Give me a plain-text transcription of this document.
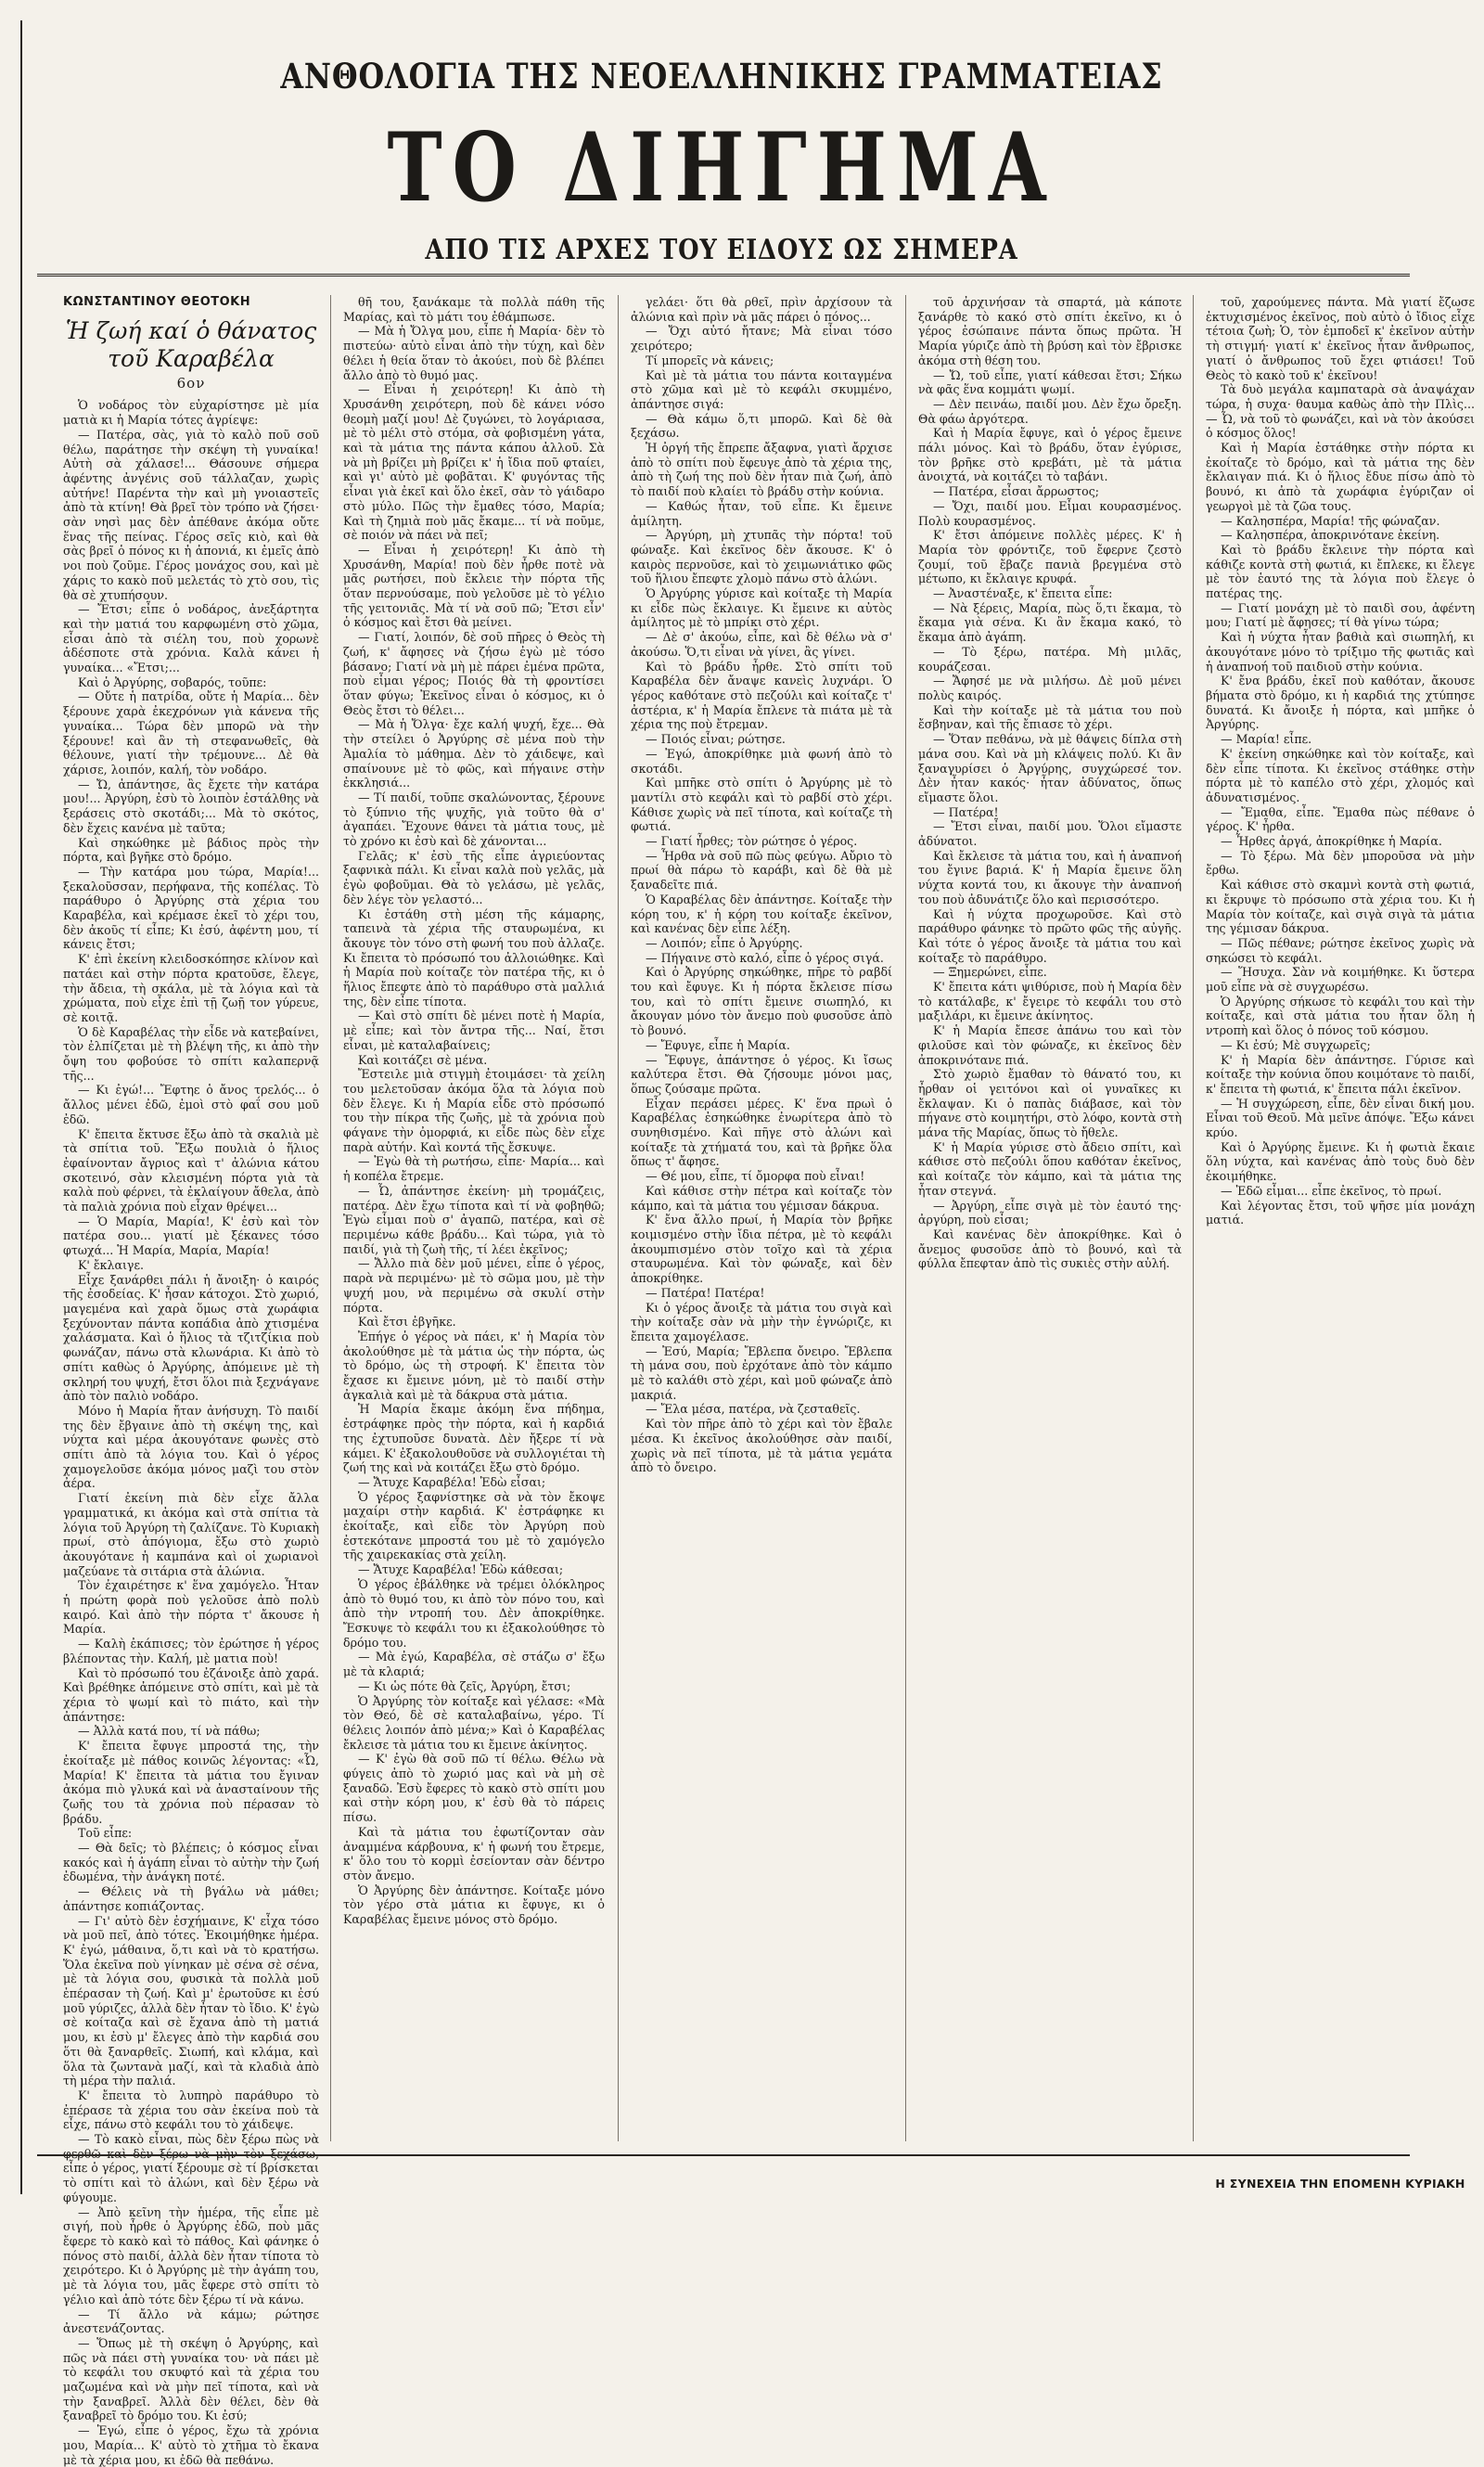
ΑΝΘΟΛΟΓΙΑ ΤΗΣ ΝΕΟΕΛΛΗΝΙΚΗΣ ΓΡΑΜΜΑΤΕΙΑΣ
ΤΟ ΔΙΗΓΗΜΑ
ΑΠΟ ΤΙΣ ΑΡΧΕΣ ΤΟΥ ΕΙΔΟΥΣ ΩΣ ΣΗΜΕΡΑ
ΚΩΝΣΤΑΝΤΙΝΟΥ ΘΕΟΤΟΚΗ
Ἡ ζωή καί ὁ θάνατος
τοῦ Καραβέλα
6ον

Ὁ νοδάρος τὸν εὐχαρίστησε μὲ μία ματιὰ κι ἡ Μαρία τότες ἀγρίεψε:

— Πατέρα, σὰς, γιὰ τὸ καλὸ ποῦ σοῦ θέλω, παράτησε τὴν σκέψη τὴ γυναίκα! Αὐτὴ σὰ χάλασε!... Θάσουνε σήμερα ἀφέντης ἀνγένις σοῦ τάλλαζαν, χωρὶς αὐτήνε! Παρέντα τὴν καὶ μὴ γνοιαστεῖς ἀπὸ τὰ κτίνη! Θὰ βρεῖ τὸν τρόπο νὰ ζήσει· σὰν νησὶ μας δὲν ἀπέθανε ἀκόμα οὔτε ἕνας τῆς πείνας. Γέρος σεῖς κιὸ, καὶ θὰ σὰς βρεῖ ὁ πόνος κι ἡ ἀπονιά, κι ἐμεῖς ἀπὸ νοι ποὺ ζοῦμε. Γέρος μονάχος σου, καὶ μὲ χάρις το κακὸ ποῦ μελετάς τὸ χτὸ σου, τὶς θὰ σὲ χτυπήσουν.

— Ἔτσι; εἶπε ὁ νοδάρος, ἀνεξάρτητα καὶ τὴν ματιά του καρφωμένη στὸ χῶμα, εἶσαι ἀπὸ τὰ σιέλη του, ποὺ χορωνὲ ἀδέσποτε στὰ χρόνια. Καλὰ κάνει ἡ γυναίκα... «Ἔτσι;...

Καὶ ὁ Ἀργύρης, σοβαρός, τοῦπε:

— Οὔτε ἡ πατρίδα, οὔτε ἡ Μαρία... δὲν ξέρουνε χαρὰ ἐκεχρόνων γιὰ κάνενα τῆς γυναίκα... Τώρα δὲν μπορῶ νὰ τὴν ξέρουνε! καὶ ἂν τὴ στεφανωθεῖς, θὰ θέλουνε, γιατί τὴν τρέμουνε... Δὲ θὰ χάρισε, λοιπόν, καλή, τὸν νοδάρο.

— Ὤ, ἀπάντησε, ἂς ἔχετε τὴν κατάρα μου!... Ἀργύρη, ἐσὺ τὸ λοιπὸν ἐστάλθης νὰ ξεράσεις στὸ σκοτάδι;... Μὰ τὸ σκότος, δὲν ἔχεις κανένα μὲ ταῦτα;

Καὶ σηκώθηκε μὲ βάδιος πρὸς τὴν πόρτα, καὶ βγῆκε στὸ δρόμο.

— Τὴν κατάρα μου τώρα, Μαρία!... ξεκαλοῦσσαν, περήφανα, τῆς κοπέλας. Τὸ παράθυρο ὁ Ἀργύρης στὰ χέρια του Καραβέλα, καὶ κρέμασε ἐκεῖ τὸ χέρι του, δὲν ἀκοῦς τί εἶπε; Κι ἐσύ, ἀφέντη μου, τί κάνεις ἔτσι;

Κ' ἐπὶ ἐκείνη κλειδοσκόπησε κλίνον καὶ πατάει καὶ στὴν πόρτα κρατοῦσε, ἔλεγε, τὴν ἄδεια, τὴ σκάλα, μὲ τὰ λόγια καὶ τὰ χρώματα, ποὺ εἶχε ἐπὶ τῇ ζωῇ τον γύρευε, σὲ κοιτᾷ.

Ὁ δὲ Καραβέλας τὴν εἶδε νὰ κατεβαίνει, τὸν ἐλπίζεται μὲ τὴ βλέψη τῆς, κι ἀπὸ τὴν ὄψη του φοβούσε τὸ σπίτι καλαπερνᾷ τῆς...

— Κι ἐγώ!... Ἔφτηε ὁ ἄνος τρελός... ὁ ἄλλος μένει ἐδῶ, ἐμοὶ στὸ φαΐ σου μοῦ ἐδῶ.

Κ' ἔπειτα ἔκτυσε ἔξω ἀπὸ τὰ σκαλιὰ μὲ τὰ σπίτια τοῦ. Ἔξω πουλιὰ ὁ ἥλιος ἐφαίνονταν ἄγριος καὶ τ' ἀλώνια κάτου σκοτεινό, σὰν κλεισμένη πόρτα γιὰ τὰ καλὰ ποὺ φέρνει, τὰ ἐκλαίγουν ἄθελα, ἀπὸ τὰ παλιὰ χρόνια ποὺ εἶχαν θρέψει...

— Ὁ Μαρία, Μαρία!, Κ' ἐσὺ καὶ τὸν πατέρα σου... γιατί μὲ ξέκανες τόσο φτωχά... Ἡ Μαρία, Μαρία, Μαρία!

Κ' ἔκλαιγε.

Εἶχε ξανάρθει πάλι ἡ ἄνοιξη· ὁ καιρός τῆς ἐσοδείας. Κ' ἦσαν κάτοχοι. Στὸ χωριό, μαγεμένα καὶ χαρὰ ὅμως στὰ χωράφια ξεχύνονταν πάντα κοπάδια ἀπὸ χτισμένα χαλάσματα. Καὶ ὁ ἥλιος τὰ τζιτζίκια ποὺ φωνάζαν, πάνω στὰ κλωνάρια. Κι ἀπὸ τὸ σπίτι καθὼς ὁ Ἀργύρης, ἀπόμεινε μὲ τὴ σκληρή του ψυχή, ἔτσι ὅλοι πιὰ ξεχνάγανε ἀπὸ τὸν παλιὸ νοδάρο.

Μόνο ἡ Μαρία ἤταν ἀνήσυχη. Τὸ παιδί της δὲν ἔβγαινε ἀπὸ τὴ σκέψη της, καὶ νύχτα καὶ μέρα ἀκουγότανε φωνὲς στὸ σπίτι ἀπὸ τὰ λόγια του. Καὶ ὁ γέρος χαμογελοῦσε ἀκόμα μόνος μαζὶ του στὸν ἀέρα.

Γιατί ἐκείνη πιὰ δὲν εἶχε ἄλλα γραμματικά, κι ἀκόμα καὶ στὰ σπίτια τὰ λόγια τοῦ Ἀργύρη τὴ ζαλίζανε. Τὸ Κυριακὴ πρωί, στὸ ἀπόγιομα, ἔξω στὸ χωριὸ ἀκουγότανε ἡ καμπάνα καὶ οἱ χωριανοὶ μαζεύανε τὰ σιτάρια στὰ ἁλώνια.

Τὸν ἐχαιρέτησε κ' ἕνα χαμόγελο. Ἦταν ἡ πρώτη φορὰ ποὺ γελοῦσε ἀπὸ πολὺ καιρό. Καὶ ἀπὸ τὴν πόρτα τ' ἄκουσε ἡ Μαρία.

— Καλὴ ἐκάπισες; τὸν ἐρώτησε ἡ γέρος βλέποντας τὴν. Καλή, μὲ ματια ποὺ!

Καὶ τὸ πρόσωπό του ἐζάνοιξε ἀπὸ χαρά. Καὶ βρέθηκε ἀπόμεινε στὸ σπίτι, καὶ μὲ τὰ χέρια τὸ ψωμί καὶ τὸ πιάτο, καὶ τὴν ἀπάντησε:

— Ἀλλὰ κατά που, τί νὰ πάθω;

Κ' ἔπειτα ἔφυγε μπροστά της, τὴν ἐκοίταξε μὲ πάθος κοινῶς λέγοντας: «Ὦ, Μαρία! Κ' ἔπειτα τὰ μάτια του ἔγιναν ἀκόμα πιὸ γλυκά καὶ νὰ ἀνασταίνουν τῆς ζωῆς του τὰ χρόνια ποὺ πέρασαν τὸ βράδυ.

Τοῦ εἶπε:

— Θὰ δεῖς; τὸ βλέπεις; ὁ κόσμος εἶναι κακός καὶ ἡ ἀγάπη εἶναι τὸ αὐτὴν τὴν ζωή ἐδωμένα, τὴν ἀνάγκη ποτέ.

— Θέλεις νὰ τὴ βγάλω νὰ μάθει; ἀπάντησε κοπιάζοντας.

— Γι' αὐτὸ δὲν ἐσχήμαινε, Κ' εἶχα τόσο νὰ μοῦ πεῖ, ἀπὸ τότες. Ἐκοιμήθηκε ἡμέρα. Κ' ἐγώ, μάθαινα, ὅ,τι καὶ νὰ τὸ κρατήσω. Ὅλα ἐκεῖνα ποὺ γίνηκαν μὲ σένα σὲ σένα, μὲ τὰ λόγια σου, φυσικὰ τὰ πολλὰ μοῦ ἐπέρασαν τὴ ζωή. Καὶ μ' ἐρωτοῦσε κι ἐσύ μοῦ γύριζες, ἀλλὰ δὲν ἦταν τὸ ἴδιο. Κ' ἐγὼ σὲ κοίταζα καὶ σὲ ἔχανα ἀπὸ τὴ ματιά μου, κι ἐσὺ μ' ἔλεγες ἀπὸ τὴν καρδιά σου ὅτι θὰ ξαναρθεῖς. Σιωπή, καὶ κλάμα, καὶ ὅλα τὰ ζωντανὰ μαζί, καὶ τὰ κλαδιὰ ἀπὸ τὴ μέρα τὴν παλιά.

Κ' ἔπειτα τὸ λυπηρὸ παράθυρο τὸ ἐπέρασε τὰ χέρια του σὰν ἐκείνα ποὺ τὰ εἶχε, πάνω στὸ κεφάλι του τὸ χάιδεψε.

— Τὸ κακὸ εἶναι, πὼς δὲν ξέρω πὼς νὰ φερθῶ καὶ δὲν ξέρω νὰ μὴν τὸν ξεχάσω, εἶπε ὁ γέρος, γιατί ξέρουμε σὲ τί βρίσκεται τὸ σπίτι καὶ τὸ ἀλώνι, καὶ δὲν ξέρω νὰ φύγουμε.

— Ἀπὸ κεῖνη τὴν ἡμέρα, τῆς εἶπε μὲ σιγή, ποὺ ἦρθε ὁ Ἀργύρης ἐδῶ, ποὺ μᾶς ἔφερε τὸ κακὸ καὶ τὸ πάθος. Καὶ φάνηκε ὁ πόνος στὸ παιδί, ἀλλὰ δὲν ἦταν τίποτα τὸ χειρότερο. Κι ὁ Ἀργύρης μὲ τὴν ἀγάπη του, μὲ τὰ λόγια του, μᾶς ἔφερε στὸ σπίτι τὸ γέλιο καὶ ἀπὸ τότε δὲν ξέρω τί νὰ κάνω.

— Τί ἄλλο νὰ κάμω; ρώτησε ἀνεστενάζοντας.

— Ὅπως μὲ τὴ σκέψη ὁ Ἀργύρης, καὶ πῶς νὰ πάει στὴ γυναίκα του· νὰ πάει μὲ τὸ κεφάλι του σκυφτό καὶ τὰ χέρια του μαζωμένα καὶ νὰ μὴν πεῖ τίποτα, καὶ νὰ τὴν ξαναβρεῖ. Ἀλλὰ δὲν θέλει, δὲν θὰ ξαναβρεῖ τὸ δρόμο του. Κι ἐσύ;

— Ἐγώ, εἶπε ὁ γέρος, ἔχω τὰ χρόνια μου, Μαρία... Κ' αὐτὸ τὸ χτῆμα τὸ ἔκανα μὲ τὰ χέρια μου, κι ἐδῶ θὰ πεθάνω.

θῆ του, ξανάκαμε τὰ πολλὰ πάθη τῆς Μαρίας, καὶ τὸ μάτι του ἐθάμπωσε.

— Μὰ ἡ Ὄλγα μου, εἶπε ἡ Μαρία· δὲν τὸ πιστεύω· αὐτὸ εἶναι ἀπὸ τὴν τύχη, καὶ δὲν θέλει ἡ θεία ὅταν τὸ ἀκούει, ποὺ δὲ βλέπει ἄλλο ἀπὸ τὸ θυμό μας.

— Εἶναι ἡ χειρότερη! Κι ἀπὸ τὴ Χρυσάνθη χειρότερη, ποὺ δὲ κάνει νόσο θεομὴ μαζί μου! Δὲ ζυγώνει, τὸ λογάριασα, μὲ τὸ μέλι στὸ στόμα, σὰ φοβισμένη γάτα, καὶ τὰ μάτια της πάντα κάπου ἀλλοῦ. Σὰ νὰ μὴ βρίζει μὴ βρίζει κ' ἡ ἴδια ποῦ φταίει, καὶ γι' αὐτὸ μὲ φοβᾶται. Κ' φυγόντας τῆς εἶναι γιὰ ἐκεῖ καὶ ὅλο ἐκεῖ, σὰν τὸ γάιδαρο στὸ μύλο. Πῶς τὴν ἔμαθες τόσο, Μαρία; Καὶ τὴ ζημιὰ ποὺ μᾶς ἔκαμε... τί νὰ ποῦμε, σὲ ποιόν νὰ πάει νὰ πεῖ;

— Εἶναι ἡ χειρότερη! Κι ἀπὸ τὴ Χρυσάνθη, Μαρία! ποὺ δὲν ἦρθε ποτὲ νὰ μᾶς ρωτήσει, ποὺ ἔκλειε τὴν πόρτα τῆς ὅταν περνούσαμε, ποὺ γελοῦσε μὲ τὸ γέλιο τῆς γειτονιᾶς. Μὰ τί νὰ σοῦ πῶ; Ἔτσι εἶν' ὁ κόσμος καὶ ἔτσι θὰ μείνει.

— Γιατί, λοιπόν, δὲ σοῦ πῆρες ὁ Θεὸς τὴ ζωή, κ' ἄφησες νὰ ζήσω ἐγὼ μὲ τόσο βάσανο; Γιατί νὰ μὴ μὲ πάρει ἐμένα πρῶτα, ποὺ εἶμαι γέρος; Ποιός θὰ τὴ φροντίσει ὅταν φύγω; Ἐκεῖνος εἶναι ὁ κόσμος, κι ὁ Θεὸς ἔτσι τὸ θέλει...

— Μὰ ἡ Ὄλγα· ἔχε καλή ψυχή, ἔχε... Θὰ τὴν στείλει ὁ Ἀργύρης σὲ μένα ποὺ τὴν Ἀμαλία τὸ μάθημα. Δὲν τὸ χάιδεψε, καὶ σπαίνουνε μὲ τὸ φῶς, καὶ πήγαινε στὴν ἐκκλησιά...

— Τί παιδί, τοῦπε σκαλώνοντας, ξέρουνε τὸ ξύπνιο τῆς ψυχῆς, γιὰ τοῦτο θὰ σ' ἀγαπάει. Ἔχουνε θάνει τὰ μάτια τους, μὲ τὸ χρόνο κι ἐσὺ καὶ δὲ χάνονται...

Γελᾶς; κ' ἐσὺ τῆς εἶπε ἀγριεύοντας ξαφνικὰ πάλι. Κι εἶναι καλὰ ποὺ γελᾶς, μὰ ἐγὼ φοβοῦμαι. Θὰ τὸ γελάσω, μὲ γελᾶς, δὲν λέγε τὸν γελαστό...

Κι ἐστάθη στὴ μέση τῆς κάμαρης, ταπεινὰ τὰ χέρια τῆς σταυρωμένα, κι ἄκουγε τὸν τόνο στὴ φωνή του ποὺ ἀλλαζε. Κι ἔπειτα τὸ πρόσωπό του ἀλλοιώθηκε. Καὶ ἡ Μαρία ποὺ κοίταζε τὸν πατέρα τῆς, κι ὁ ἥλιος ἔπεφτε ἀπὸ τὸ παράθυρο στὰ μαλλιά της, δὲν εἶπε τίποτα.

— Καὶ στὸ σπίτι δὲ μένει ποτὲ ἡ Μαρία, μὲ εἶπε; καὶ τὸν ἄντρα τῆς... Ναί, ἔτσι εἶναι, μὲ καταλαβαίνεις;

Καὶ κοιτάζει σὲ μένα.

Ἔστειλε μιὰ στιγμὴ ἐτοιμάσει· τὰ χείλη του μελετοῦσαν ἀκόμα ὅλα τὰ λόγια ποὺ δὲν ἔλεγε. Κι ἡ Μαρία εἶδε στὸ πρόσωπό του τὴν πίκρα τῆς ζωῆς, μὲ τὰ χρόνια ποὺ φάγανε τὴν ὀμορφιά, κι εἶδε πὼς δὲν εἶχε παρὰ αὐτήν. Καὶ κοντά τῆς ἔσκυψε.

— Ἐγὼ θὰ τὴ ρωτήσω, εἶπε· Μαρία... καὶ ἡ κοπέλα ἔτρεμε.

— Ὦ, ἀπάντησε ἐκείνη· μὴ τρομάζεις, πατέρα. Δὲν ἔχω τίποτα καὶ τί νὰ φοβηθῶ; Ἐγὼ εἶμαι ποὺ σ' ἀγαπῶ, πατέρα, καὶ σὲ περιμένω κάθε βράδυ... Καὶ τώρα, γιὰ τὸ παιδί, γιὰ τὴ ζωὴ τῆς, τί λέει ἐκεῖνος;

— Ἄλλο πιὰ δὲν μοῦ μένει, εἶπε ὁ γέρος, παρὰ νὰ περιμένω· μὲ τὸ σῶμα μου, μὲ τὴν ψυχή μου, νὰ περιμένω σὰ σκυλί στὴν πόρτα.

Καὶ ἔτσι ἐβγῆκε.

Ἐπήγε ὁ γέρος νὰ πάει, κ' ἡ Μαρία τὸν ἀκολούθησε μὲ τὰ μάτια ὡς τὴν πόρτα, ὡς τὸ δρόμο, ὡς τὴ στροφή. Κ' ἔπειτα τὸν ἔχασε κι ἔμεινε μόνη, μὲ τὸ παιδί στὴν ἀγκαλιὰ καὶ μὲ τὰ δάκρυα στὰ μάτια.

Ἡ Μαρία ἔκαμε ἀκόμη ἕνα πήδημα, ἐστράφηκε πρὸς τὴν πόρτα, καὶ ἡ καρδιά της ἐχτυποῦσε δυνατὰ. Δὲν ἤξερε τί νὰ κάμει. Κ' ἐξακολουθοῦσε νὰ συλλογιέται τὴ ζωή της καὶ νὰ κοιτάζει ἔξω στὸ δρόμο.

— Ἄτυχε Καραβέλα! Ἐδὼ εἶσαι;

Ὁ γέρος ξαφνίστηκε σὰ νὰ τὸν ἔκοψε μαχαίρι στὴν καρδιά. Κ' ἐστράφηκε κι ἐκοίταξε, καὶ εἶδε τὸν Ἀργύρη ποὺ ἐστεκότανε μπροστά του μὲ τὸ χαμόγελο τῆς χαιρεκακίας στὰ χείλη.

— Ἄτυχε Καραβέλα! Ἐδὼ κάθεσαι;

Ὁ γέρος ἐβάλθηκε νὰ τρέμει ὁλόκληρος ἀπὸ τὸ θυμό του, κι ἀπὸ τὸν πόνο του, καὶ ἀπὸ τὴν ντροπή του. Δὲν ἀποκρίθηκε. Ἔσκυψε τὸ κεφάλι του κι ἐξακολούθησε τὸ δρόμο του.

— Μὰ ἐγώ, Καραβέλα, σὲ στάζω σ' ἔξω μὲ τὰ κλαριά;

— Κι ὡς πότε θὰ ζεῖς, Ἀργύρη, ἔτσι;

Ὁ Ἀργύρης τὸν κοίταξε καὶ γέλασε: «Μὰ τὸν Θεό, δὲ σὲ καταλαβαίνω, γέρο. Τί θέλεις λοιπόν ἀπὸ μένα;» Καὶ ὁ Καραβέλας ἔκλεισε τὰ μάτια του κι ἔμεινε ἀκίνητος.

— Κ' ἐγὼ θὰ σοῦ πῶ τί θέλω. Θέλω νὰ φύγεις ἀπὸ τὸ χωριό μας καὶ νὰ μὴ σὲ ξαναδῶ. Ἐσὺ ἔφερες τὸ κακὸ στὸ σπίτι μου καὶ στὴν κόρη μου, κ' ἐσὺ θὰ τὸ πάρεις πίσω.

Καὶ τὰ μάτια του ἐφωτίζονταν σὰν ἀναμμένα κάρβουνα, κ' ἡ φωνή του ἔτρεμε, κ' ὅλο του τὸ κορμὶ ἐσείονταν σὰν δέντρο στὸν ἄνεμο.

Ὁ Ἀργύρης δὲν ἀπάντησε. Κοίταξε μόνο τὸν γέρο στὰ μάτια κι ἔφυγε, κι ὁ Καραβέλας ἔμεινε μόνος στὸ δρόμο.

γελάει· ὅτι θὰ ρθεῖ, πρὶν ἀρχίσουν τὰ ἀλώνια καὶ πρὶν νὰ μᾶς πάρει ὁ πόνος...

— Ὄχι αὐτό ἤτανε; Μὰ εἶναι τόσο χειρότερο;

Τί μπορεῖς νὰ κάνεις;

Καὶ μὲ τὰ μάτια του πάντα κοιταγμένα στὸ χῶμα καὶ μὲ τὸ κεφάλι σκυμμένο, ἀπάντησε σιγά:

— Θὰ κάμω ὅ,τι μπορῶ. Καὶ δὲ θὰ ξεχάσω.

Ἡ ὀργή τῆς ἔπρεπε ἄξαφνα, γιατὶ ἄρχισε ἀπὸ τὸ σπίτι ποὺ ἔφευγε ἀπὸ τὰ χέρια της, ἀπὸ τὴ ζωή της ποὺ δὲν ἦταν πιὰ ζωή, ἀπὸ τὸ παιδί ποὺ κλαίει τὸ βράδυ στὴν κούνια.

— Καθώς ἦταν, τοῦ εἶπε. Κι ἔμεινε ἀμίλητη.

— Ἀργύρη, μὴ χτυπᾶς τὴν πόρτα! τοῦ φώναξε. Καὶ ἐκεῖνος δὲν ἄκουσε. Κ' ὁ καιρὸς περνοῦσε, καὶ τὸ χειμωνιάτικο φῶς τοῦ ἥλιου ἔπεφτε χλομὸ πάνω στὸ ἀλώνι.

Ὁ Ἀργύρης γύρισε καὶ κοίταξε τὴ Μαρία κι εἶδε πὼς ἔκλαιγε. Κι ἔμεινε κι αὐτὸς ἀμίλητος μὲ τὸ μπρίκι στὸ χέρι.

— Δὲ σ' ἀκούω, εἶπε, καὶ δὲ θέλω νὰ σ' ἀκούσω. Ὅ,τι εἶναι νὰ γίνει, ἂς γίνει.

Καὶ τὸ βράδυ ἦρθε. Στὸ σπίτι τοῦ Καραβέλα δὲν ἄναψε κανεὶς λυχνάρι. Ὁ γέρος καθότανε στὸ πεζούλι καὶ κοίταζε τ' ἀστέρια, κ' ἡ Μαρία ἔπλενε τὰ πιάτα μὲ τὰ χέρια της ποὺ ἔτρεμαν.

— Ποιός εἶναι; ρώτησε.

— Ἐγώ, ἀποκρίθηκε μιὰ φωνή ἀπὸ τὸ σκοτάδι.

Καὶ μπῆκε στὸ σπίτι ὁ Ἀργύρης μὲ τὸ μαντίλι στὸ κεφάλι καὶ τὸ ραβδί στὸ χέρι. Κάθισε χωρὶς νὰ πεῖ τίποτα, καὶ κοίταζε τὴ φωτιά.

— Γιατί ἦρθες; τὸν ρώτησε ὁ γέρος.

— Ἦρθα νὰ σοῦ πῶ πὼς φεύγω. Αὔριο τὸ πρωί θὰ πάρω τὸ καράβι, καὶ δὲ θὰ μὲ ξαναδεῖτε πιά.

Ὁ Καραβέλας δὲν ἀπάντησε. Κοίταξε τὴν κόρη του, κ' ἡ κόρη του κοίταξε ἐκεῖνον, καὶ κανένας δὲν εἶπε λέξη.

— Λοιπόν; εἶπε ὁ Ἀργύρης.

— Πήγαινε στὸ καλό, εἶπε ὁ γέρος σιγά.

Καὶ ὁ Ἀργύρης σηκώθηκε, πῆρε τὸ ραβδί του καὶ ἔφυγε. Κι ἡ πόρτα ἔκλεισε πίσω του, καὶ τὸ σπίτι ἔμεινε σιωπηλό, κι ἄκουγαν μόνο τὸν ἄνεμο ποὺ φυσοῦσε ἀπὸ τὸ βουνό.

— Ἔφυγε, εἶπε ἡ Μαρία.

— Ἔφυγε, ἀπάντησε ὁ γέρος. Κι ἴσως καλύτερα ἔτσι. Θὰ ζήσουμε μόνοι μας, ὅπως ζούσαμε πρῶτα.

Εἶχαν περάσει μέρες. Κ' ἕνα πρωὶ ὁ Καραβέλας ἐσηκώθηκε ἐνωρίτερα ἀπὸ τὸ συνηθισμένο. Καὶ πῆγε στὸ ἀλώνι καὶ κοίταξε τὰ χτήματά του, καὶ τὰ βρῆκε ὅλα ὅπως τ' ἄφησε.

— Θέ μου, εἶπε, τί ὄμορφα ποὺ εἶναι!

Καὶ κάθισε στὴν πέτρα καὶ κοίταζε τὸν κάμπο, καὶ τὰ μάτια του γέμισαν δάκρυα.

Κ' ἔνα ἄλλο πρωί, ἡ Μαρία τὸν βρῆκε κοιμισμένο στὴν ἴδια πέτρα, μὲ τὸ κεφάλι ἀκουμπισμένο στὸν τοῖχο καὶ τὰ χέρια σταυρωμένα. Καὶ τὸν φώναξε, καὶ δὲν ἀποκρίθηκε.

— Πατέρα! Πατέρα!

Κι ὁ γέρος ἄνοιξε τὰ μάτια του σιγὰ καὶ τὴν κοίταξε σὰν νὰ μὴν τὴν ἐγνώριζε, κι ἔπειτα χαμογέλασε.

— Ἐσύ, Μαρία; Ἔβλεπα ὄνειρο. Ἔβλεπα τὴ μάνα σου, ποὺ ἐρχότανε ἀπὸ τὸν κάμπο μὲ τὸ καλάθι στὸ χέρι, καὶ μοῦ φώναζε ἀπὸ μακριά.

— Ἔλα μέσα, πατέρα, νὰ ζεσταθεῖς.

Καὶ τὸν πῆρε ἀπὸ τὸ χέρι καὶ τὸν ἔβαλε μέσα. Κι ἐκεῖνος ἀκολούθησε σὰν παιδί, χωρὶς νὰ πεῖ τίποτα, μὲ τὰ μάτια γεμάτα ἀπὸ τὸ ὄνειρο.

τοῦ ἀρχινήσαν τὰ σπαρτά, μὰ κάποτε ξανάρθε τὸ κακό στὸ σπίτι ἐκεῖνο, κι ὁ γέρος ἐσώπαινε πάντα ὅπως πρῶτα. Ἡ Μαρία γύριζε ἀπὸ τὴ βρύση καὶ τὸν ἔβρισκε ἀκόμα στὴ θέση του.

— Ὤ, τοῦ εἶπε, γιατί κάθεσαι ἔτσι; Σήκω νὰ φᾶς ἕνα κομμάτι ψωμί.

— Δὲν πεινάω, παιδί μου. Δὲν ἔχω ὄρεξη. Θὰ φάω ἀργότερα.

Καὶ ἡ Μαρία ἔφυγε, καὶ ὁ γέρος ἔμεινε πάλι μόνος. Καὶ τὸ βράδυ, ὅταν ἐγύρισε, τὸν βρῆκε στὸ κρεβάτι, μὲ τὰ μάτια ἀνοιχτά, νὰ κοιτάζει τὸ ταβάνι.

— Πατέρα, εἶσαι ἄρρωστος;

— Ὄχι, παιδί μου. Εἶμαι κουρασμένος. Πολὺ κουρασμένος.

Κ' ἔτσι ἀπόμεινε πολλὲς μέρες. Κ' ἡ Μαρία τὸν φρόντιζε, τοῦ ἔφερνε ζεστὸ ζουμί, τοῦ ἔβαζε πανιὰ βρεγμένα στὸ μέτωπο, κι ἔκλαιγε κρυφά.

— Ἀναστέναξε, κ' ἔπειτα εἶπε:

— Νὰ ξέρεις, Μαρία, πὼς ὅ,τι ἔκαμα, τὸ ἔκαμα γιὰ σένα. Κι ἂν ἔκαμα κακό, τὸ ἔκαμα ἀπὸ ἀγάπη.

— Τὸ ξέρω, πατέρα. Μὴ μιλᾶς, κουράζεσαι.

— Ἄφησέ με νὰ μιλήσω. Δὲ μοῦ μένει πολὺς καιρός.

Καὶ τὴν κοίταξε μὲ τὰ μάτια του ποὺ ἔσβηναν, καὶ τῆς ἔπιασε τὸ χέρι.

— Ὅταν πεθάνω, νὰ μὲ θάψεις δίπλα στὴ μάνα σου. Καὶ νὰ μὴ κλάψεις πολύ. Κι ἂν ξαναγυρίσει ὁ Ἀργύρης, συγχώρεσέ τον. Δὲν ἦταν κακός· ἦταν ἀδύνατος, ὅπως εἴμαστε ὅλοι.

— Πατέρα!

— Ἔτσι εἶναι, παιδί μου. Ὅλοι εἴμαστε ἀδύνατοι.

Καὶ ἔκλεισε τὰ μάτια του, καὶ ἡ ἀναπνοή του ἔγινε βαριά. Κ' ἡ Μαρία ἔμεινε ὅλη νύχτα κοντά του, κι ἄκουγε τὴν ἀναπνοή του ποὺ ἀδυνάτιζε ὅλο καὶ περισσότερο.

Καὶ ἡ νύχτα προχωροῦσε. Καὶ στὸ παράθυρο φάνηκε τὸ πρῶτο φῶς τῆς αὐγῆς. Καὶ τότε ὁ γέρος ἄνοιξε τὰ μάτια του καὶ κοίταξε τὸ παράθυρο.

— Ξημερώνει, εἶπε.

Κ' ἔπειτα κάτι ψιθύρισε, ποὺ ἡ Μαρία δὲν τὸ κατάλαβε, κ' ἔγειρε τὸ κεφάλι του στὸ μαξιλάρι, κι ἔμεινε ἀκίνητος.

Κ' ἡ Μαρία ἔπεσε ἀπάνω του καὶ τὸν φιλοῦσε καὶ τὸν φώναζε, κι ἐκεῖνος δὲν ἀποκρινότανε πιά.

Στὸ χωριὸ ἔμαθαν τὸ θάνατό του, κι ἦρθαν οἱ γειτόνοι καὶ οἱ γυναῖκες κι ἔκλαψαν. Κι ὁ παπὰς διάβασε, καὶ τὸν πήγανε στὸ κοιμητήρι, στὸ λόφο, κοντὰ στὴ μάνα τῆς Μαρίας, ὅπως τὸ ἤθελε.

Κ' ἡ Μαρία γύρισε στὸ ἄδειο σπίτι, καὶ κάθισε στὸ πεζούλι ὅπου καθόταν ἐκεῖνος, καὶ κοίταζε τὸν κάμπο, καὶ τὰ μάτια της ἦταν στεγνά.

— Ἀργύρη, εἶπε σιγὰ μὲ τὸν ἑαυτό της· ἀργύρη, ποὺ εἶσαι;

Καὶ κανένας δὲν ἀποκρίθηκε. Καὶ ὁ ἄνεμος φυσοῦσε ἀπὸ τὸ βουνό, καὶ τὰ φύλλα ἔπεφταν ἀπὸ τὶς συκιὲς στὴν αὐλή.

τοῦ, χαρούμενες πάντα. Μὰ γιατί ἔζωσε ἐκτυχισμένος ἐκεῖνος, ποὺ αὐτὸ ὁ ἴδιος εἶχε τέτοια ζωὴ; Ὁ, τὸν ἐμποδεῖ κ' ἐκεῖνον αὐτὴν τὴ στιγμή· γιατί κ' ἐκεῖνος ἦταν ἄνθρωπος, γιατί ὁ ἄνθρωπος τοῦ ἔχει φτιάσει! Τοῦ Θεὸς τὸ κακὸ τοῦ κ' ἐκεῖνου!

Τὰ δυὸ μεγάλα καμπαταρὰ σὰ ἀναψάχαν τώρα, ἡ συχα· θαυμα καθὼς ἀπὸ τὴν Πλὶς... — Ὦ, νὰ τοῦ τὸ φωνάζει, καὶ νὰ τὸν ἀκούσει ὁ κόσμος ὅλος!

Καὶ ἡ Μαρία ἐστάθηκε στὴν πόρτα κι ἐκοίταζε τὸ δρόμο, καὶ τὰ μάτια της δὲν ἔκλαιγαν πιά. Κι ὁ ἥλιος ἔδυε πίσω ἀπὸ τὸ βουνό, κι ἀπὸ τὰ χωράφια ἐγύριζαν οἱ γεωργοὶ μὲ τὰ ζῶα τους.

— Καλησπέρα, Μαρία! τῆς φώναζαν.

— Καλησπέρα, ἀποκρινότανε ἐκείνη.

Καὶ τὸ βράδυ ἔκλεινε τὴν πόρτα καὶ κάθιζε κοντὰ στὴ φωτιά, κι ἔπλεκε, κι ἔλεγε μὲ τὸν ἑαυτό της τὰ λόγια ποὺ ἔλεγε ὁ πατέρας της.

— Γιατί μονάχη μὲ τὸ παιδὶ σου, ἀφέντη μου; Γιατί μὲ ἄφησες; τί θὰ γίνω τώρα;

Καὶ ἡ νύχτα ἦταν βαθιὰ καὶ σιωπηλή, κι ἀκουγότανε μόνο τὸ τρίξιμο τῆς φωτιᾶς καὶ ἡ ἀναπνοή τοῦ παιδιοῦ στὴν κούνια.

Κ' ἔνα βράδυ, ἐκεῖ ποὺ καθόταν, ἄκουσε βήματα στὸ δρόμο, κι ἡ καρδιά της χτύπησε δυνατά. Κι ἄνοιξε ἡ πόρτα, καὶ μπῆκε ὁ Ἀργύρης.

— Μαρία! εἶπε.

Κ' ἐκείνη σηκώθηκε καὶ τὸν κοίταξε, καὶ δὲν εἶπε τίποτα. Κι ἐκεῖνος στάθηκε στὴν πόρτα μὲ τὸ καπέλο στὸ χέρι, χλομός καὶ ἀδυνατισμένος.

— Ἔμαθα, εἶπε. Ἔμαθα πὼς πέθανε ὁ γέρος. Κ' ἦρθα.

— Ἦρθες ἀργά, ἀποκρίθηκε ἡ Μαρία.

— Τὸ ξέρω. Μὰ δὲν μποροῦσα νὰ μὴν ἔρθω.

Καὶ κάθισε στὸ σκαμνὶ κοντὰ στὴ φωτιά, κι ἔκρυψε τὸ πρόσωπο στὰ χέρια του. Κι ἡ Μαρία τὸν κοίταζε, καὶ σιγὰ σιγὰ τὰ μάτια της γέμισαν δάκρυα.

— Πῶς πέθανε; ρώτησε ἐκεῖνος χωρὶς νὰ σηκώσει τὸ κεφάλι.

— Ἥσυχα. Σὰν νὰ κοιμήθηκε. Κι ὕστερα μοῦ εἶπε νὰ σὲ συγχωρέσω.

Ὁ Ἀργύρης σήκωσε τὸ κεφάλι του καὶ τὴν κοίταξε, καὶ στὰ μάτια του ἦταν ὅλη ἡ ντροπὴ καὶ ὅλος ὁ πόνος τοῦ κόσμου.

— Κι ἐσύ; Μὲ συγχωρεῖς;

Κ' ἡ Μαρία δὲν ἀπάντησε. Γύρισε καὶ κοίταξε τὴν κούνια ὅπου κοιμότανε τὸ παιδί, κ' ἔπειτα τὴ φωτιά, κ' ἔπειτα πάλι ἐκεῖνον.

— Ἡ συγχώρεση, εἶπε, δὲν εἶναι δική μου. Εἶναι τοῦ Θεοῦ. Μὰ μεῖνε ἀπόψε. Ἔξω κάνει κρύο.

Καὶ ὁ Ἀργύρης ἔμεινε. Κι ἡ φωτιὰ ἔκαιε ὅλη νύχτα, καὶ κανένας ἀπὸ τοὺς δυὸ δὲν ἐκοιμήθηκε.

— Ἐδῶ εἶμαι... εἶπε ἐκεῖνος, τὸ πρωί.

Καὶ λέγοντας ἔτσι, τοῦ ψῆσε μία μονάχη ματιά.

Η ΣΥΝΕΧΕΙΑ ΤΗΝ ΕΠΟΜΕΝΗ ΚΥΡΙΑΚΗ
